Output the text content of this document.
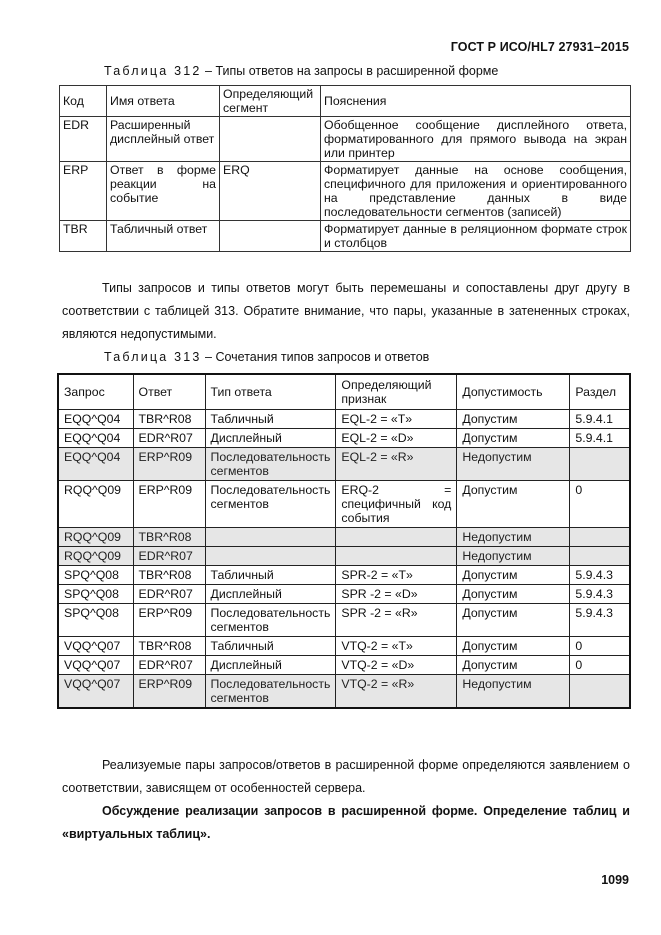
ГОСТ Р ИСО/HL7 27931–2015
Таблица 312 – Типы ответов на запросы в расширенной форме
Код	Имя ответа	Определяющий сегмент	Пояснения
EDR	Расширенный дисплейный ответ		Обобщенное сообщение дисплейного ответа, форматированного для прямого вывода на экран или принтер
ERP	Ответ в форме реакции на событие	ERQ	Форматирует данные на основе сообщения, специфичного для приложения и ориентированного на представление данных в виде последовательности сегментов (записей)
TBR	Табличный ответ		Форматирует данные в реляционном формате строк и столбцов
Типы запросов и типы ответов могут быть перемешаны и сопоставлены друг другу в соответствии с таблицей 313. Обратите внимание, что пары, указанные в затененных строках, являются недопустимыми.
Таблица 313 – Сочетания типов запросов и ответов
Запрос	Ответ	Тип ответа	Определяющий признак	Допустимость	Раздел
EQQ^Q04	TBR^R08	Табличный	EQL-2 = «T»	Допустим	5.9.4.1
EQQ^Q04	EDR^R07	Дисплейный	EQL-2 = «D»	Допустим	5.9.4.1
EQQ^Q04	ERP^R09	Последовательность сегментов	EQL-2 = «R»	Недопустим	
RQQ^Q09	ERP^R09	Последовательность сегментов	ERQ-2 = специфичный код события	Допустим	0
RQQ^Q09	TBR^R08			Недопустим	
RQQ^Q09	EDR^R07			Недопустим	
SPQ^Q08	TBR^R08	Табличный	SPR-2 = «T»	Допустим	5.9.4.3
SPQ^Q08	EDR^R07	Дисплейный	SPR -2 = «D»	Допустим	5.9.4.3
SPQ^Q08	ERP^R09	Последовательность сегментов	SPR -2 = «R»	Допустим	5.9.4.3
VQQ^Q07	TBR^R08	Табличный	VTQ-2 = «T»	Допустим	0
VQQ^Q07	EDR^R07	Дисплейный	VTQ-2 = «D»	Допустим	0
VQQ^Q07	ERP^R09	Последовательность сегментов	VTQ-2 = «R»	Недопустим	
Реализуемые пары запросов/ответов в расширенной форме определяются заявлением о соответствии, зависящем от особенностей сервера.
Обсуждение реализации запросов в расширенной форме. Определение таблиц и «виртуальных таблиц».
1099
